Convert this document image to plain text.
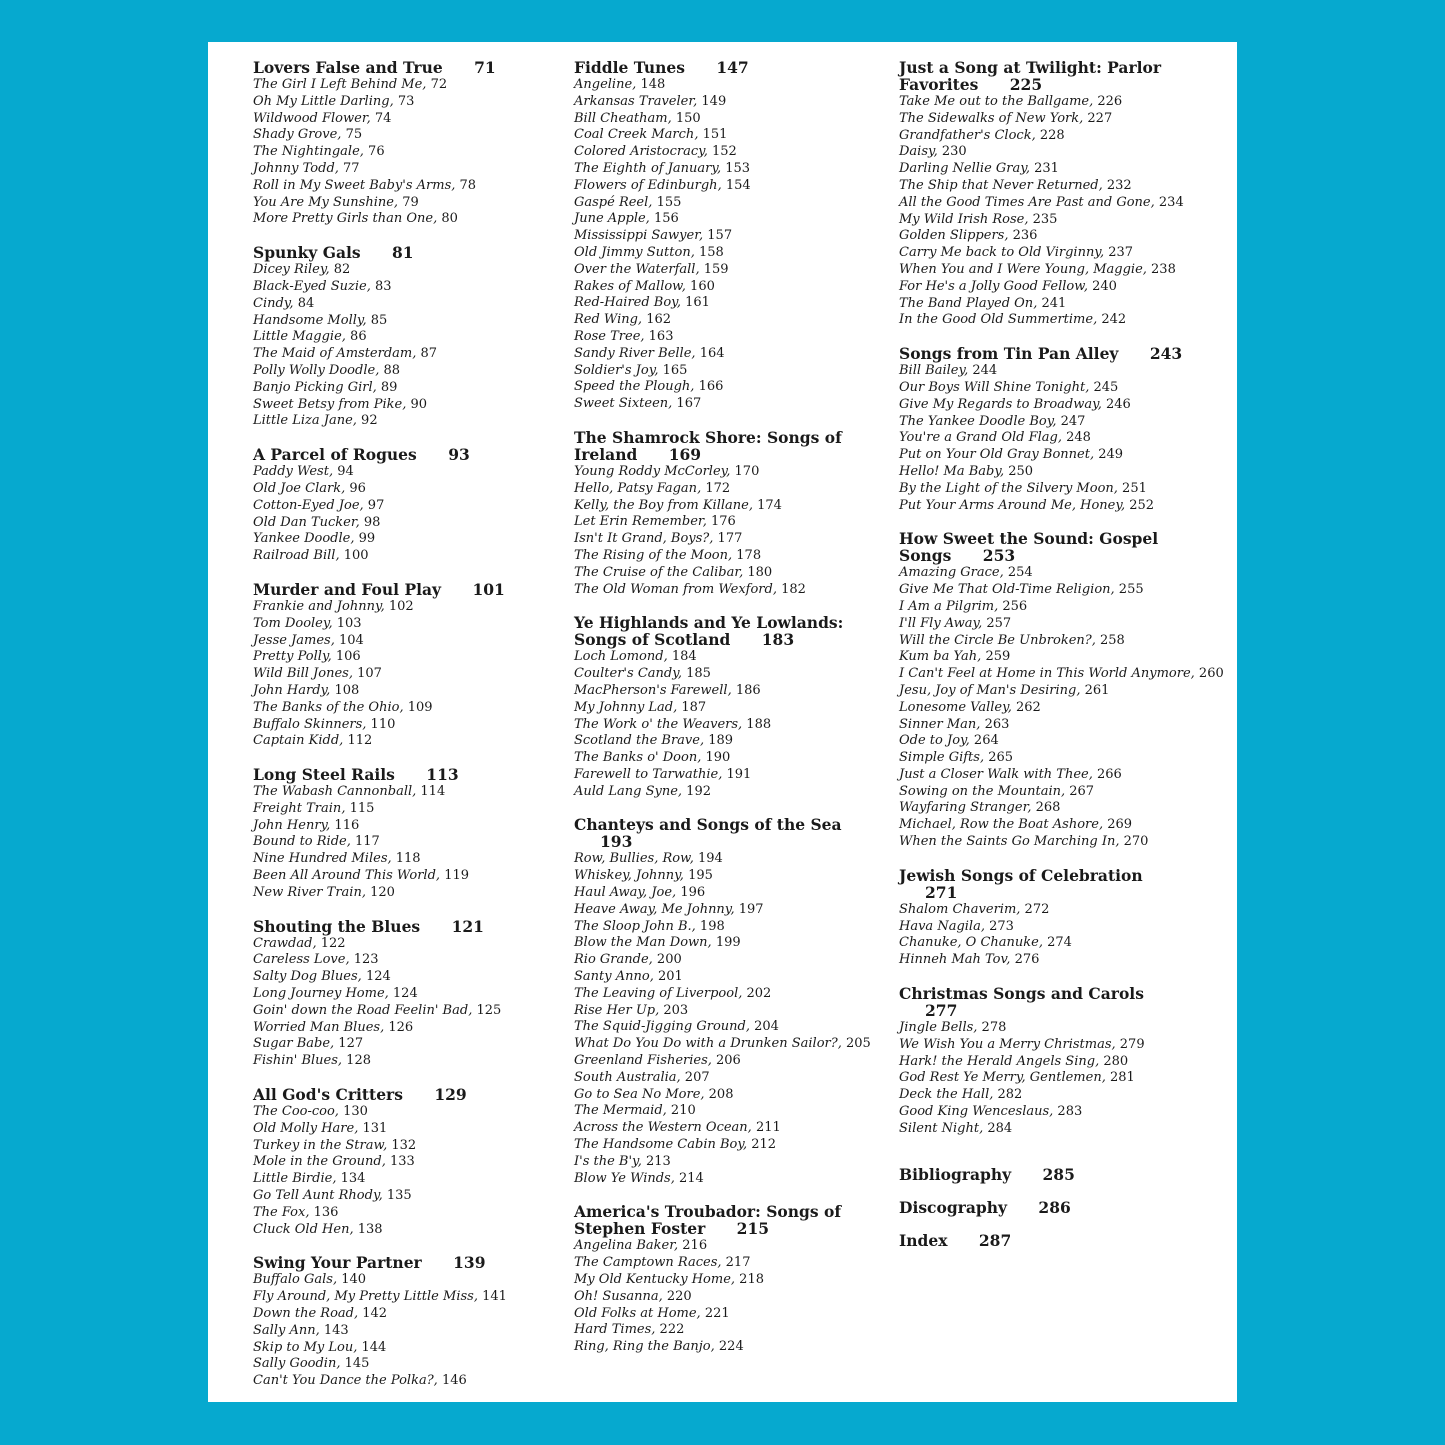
Lovers False and True 71
The Girl I Left Behind Me, 72
Oh My Little Darling, 73
Wildwood Flower, 74
Shady Grove, 75
The Nightingale, 76
Johnny Todd, 77
Roll in My Sweet Baby's Arms, 78
You Are My Sunshine, 79
More Pretty Girls than One, 80
Spunky Gals 81
Dicey Riley, 82
Black-Eyed Suzie, 83
Cindy, 84
Handsome Molly, 85
Little Maggie, 86
The Maid of Amsterdam, 87
Polly Wolly Doodle, 88
Banjo Picking Girl, 89
Sweet Betsy from Pike, 90
Little Liza Jane, 92
A Parcel of Rogues 93
Paddy West, 94
Old Joe Clark, 96
Cotton-Eyed Joe, 97
Old Dan Tucker, 98
Yankee Doodle, 99
Railroad Bill, 100
Murder and Foul Play 101
Frankie and Johnny, 102
Tom Dooley, 103
Jesse James, 104
Pretty Polly, 106
Wild Bill Jones, 107
John Hardy, 108
The Banks of the Ohio, 109
Buffalo Skinners, 110
Captain Kidd, 112
Long Steel Rails 113
The Wabash Cannonball, 114
Freight Train, 115
John Henry, 116
Bound to Ride, 117
Nine Hundred Miles, 118
Been All Around This World, 119
New River Train, 120
Shouting the Blues 121
Crawdad, 122
Careless Love, 123
Salty Dog Blues, 124
Long Journey Home, 124
Goin' down the Road Feelin' Bad, 125
Worried Man Blues, 126
Sugar Babe, 127
Fishin' Blues, 128
All God's Critters 129
The Coo-coo, 130
Old Molly Hare, 131
Turkey in the Straw, 132
Mole in the Ground, 133
Little Birdie, 134
Go Tell Aunt Rhody, 135
The Fox, 136
Cluck Old Hen, 138
Swing Your Partner 139
Buffalo Gals, 140
Fly Around, My Pretty Little Miss, 141
Down the Road, 142
Sally Ann, 143
Skip to My Lou, 144
Sally Goodin, 145
Can't You Dance the Polka?, 146
Fiddle Tunes 147
Angeline, 148
Arkansas Traveler, 149
Bill Cheatham, 150
Coal Creek March, 151
Colored Aristocracy, 152
The Eighth of January, 153
Flowers of Edinburgh, 154
Gaspé Reel, 155
June Apple, 156
Mississippi Sawyer, 157
Old Jimmy Sutton, 158
Over the Waterfall, 159
Rakes of Mallow, 160
Red-Haired Boy, 161
Red Wing, 162
Rose Tree, 163
Sandy River Belle, 164
Soldier's Joy, 165
Speed the Plough, 166
Sweet Sixteen, 167
The Shamrock Shore: Songs of Ireland 169
Young Roddy McCorley, 170
Hello, Patsy Fagan, 172
Kelly, the Boy from Killane, 174
Let Erin Remember, 176
Isn't It Grand, Boys?, 177
The Rising of the Moon, 178
The Cruise of the Calibar, 180
The Old Woman from Wexford, 182
Ye Highlands and Ye Lowlands: Songs of Scotland 183
Loch Lomond, 184
Coulter's Candy, 185
MacPherson's Farewell, 186
My Johnny Lad, 187
The Work o' the Weavers, 188
Scotland the Brave, 189
The Banks o' Doon, 190
Farewell to Tarwathie, 191
Auld Lang Syne, 192
Chanteys and Songs of the Sea 193
Row, Bullies, Row, 194
Whiskey, Johnny, 195
Haul Away, Joe, 196
Heave Away, Me Johnny, 197
The Sloop John B., 198
Blow the Man Down, 199
Rio Grande, 200
Santy Anno, 201
The Leaving of Liverpool, 202
Rise Her Up, 203
The Squid-Jigging Ground, 204
What Do You Do with a Drunken Sailor?, 205
Greenland Fisheries, 206
South Australia, 207
Go to Sea No More, 208
The Mermaid, 210
Across the Western Ocean, 211
The Handsome Cabin Boy, 212
I's the B'y, 213
Blow Ye Winds, 214
America's Troubador: Songs of Stephen Foster 215
Angelina Baker, 216
The Camptown Races, 217
My Old Kentucky Home, 218
Oh! Susanna, 220
Old Folks at Home, 221
Hard Times, 222
Ring, Ring the Banjo, 224
Just a Song at Twilight: Parlor Favorites 225
Take Me out to the Ballgame, 226
The Sidewalks of New York, 227
Grandfather's Clock, 228
Daisy, 230
Darling Nellie Gray, 231
The Ship that Never Returned, 232
All the Good Times Are Past and Gone, 234
My Wild Irish Rose, 235
Golden Slippers, 236
Carry Me back to Old Virginny, 237
When You and I Were Young, Maggie, 238
For He's a Jolly Good Fellow, 240
The Band Played On, 241
In the Good Old Summertime, 242
Songs from Tin Pan Alley 243
Bill Bailey, 244
Our Boys Will Shine Tonight, 245
Give My Regards to Broadway, 246
The Yankee Doodle Boy, 247
You're a Grand Old Flag, 248
Put on Your Old Gray Bonnet, 249
Hello! Ma Baby, 250
By the Light of the Silvery Moon, 251
Put Your Arms Around Me, Honey, 252
How Sweet the Sound: Gospel Songs 253
Amazing Grace, 254
Give Me That Old-Time Religion, 255
I Am a Pilgrim, 256
I'll Fly Away, 257
Will the Circle Be Unbroken?, 258
Kum ba Yah, 259
I Can't Feel at Home in This World Anymore, 260
Jesu, Joy of Man's Desiring, 261
Lonesome Valley, 262
Sinner Man, 263
Ode to Joy, 264
Simple Gifts, 265
Just a Closer Walk with Thee, 266
Sowing on the Mountain, 267
Wayfaring Stranger, 268
Michael, Row the Boat Ashore, 269
When the Saints Go Marching In, 270
Jewish Songs of Celebration 271
Shalom Chaverim, 272
Hava Nagila, 273
Chanuke, O Chanuke, 274
Hinneh Mah Tov, 276
Christmas Songs and Carols 277
Jingle Bells, 278
We Wish You a Merry Christmas, 279
Hark! the Herald Angels Sing, 280
God Rest Ye Merry, Gentlemen, 281
Deck the Hall, 282
Good King Wenceslaus, 283
Silent Night, 284
Bibliography 285
Discography 286
Index 287
